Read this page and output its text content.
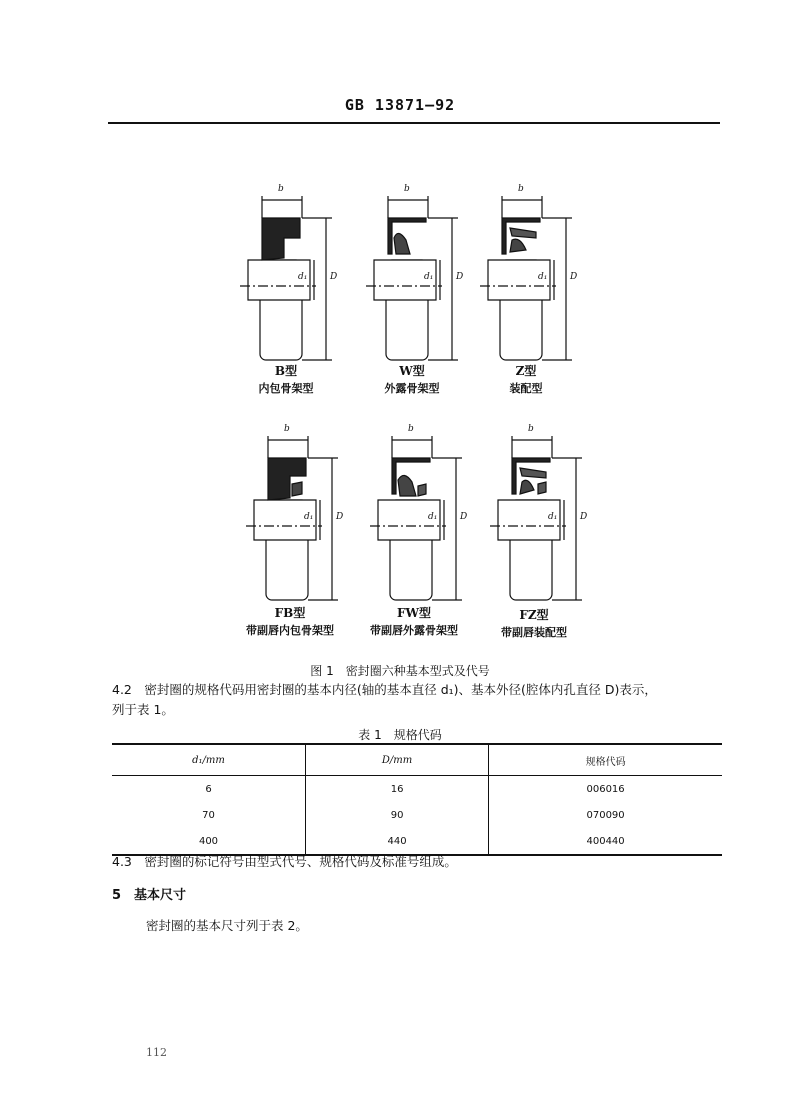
GB 13871—92
b
d₁	D
B型
内包骨架型
b
d₁	D
W型
外露骨架型
b
d₁	D
Z型
装配型
b
d₁	D
FB型
带副唇内包骨架型
b
d₁	D
FW型
带副唇外露骨架型
b
d₁	D
FZ型
带副唇装配型
图 1　密封圈六种基本型式及代号
4.2　密封圈的规格代码用密封圈的基本内径(轴的基本直径 d₁)、基本外径(腔体内孔直径 D)表示，
列于表 1。
表 1　规格代码
d₁/mm	D/mm	规格代码
6	16	006016
70	90	070090
400	440	400440
4.3　密封圈的标记符号由型式代号、规格代码及标准号组成。
5　基本尺寸
密封圈的基本尺寸列于表 2。
112
